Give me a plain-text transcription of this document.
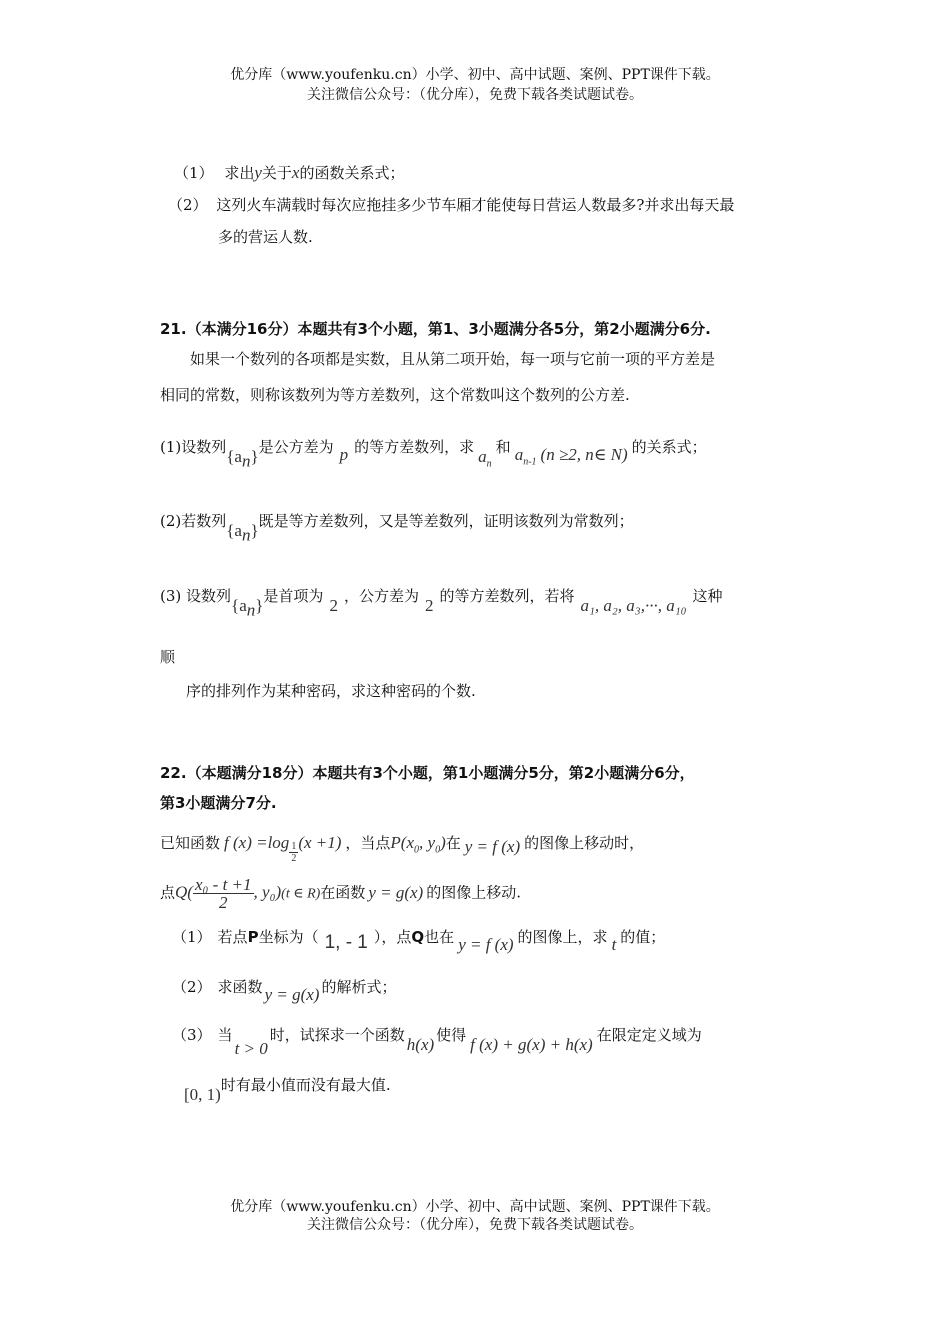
优分库（www.youfenku.cn）小学、初中、高中试题、案例、PPT课件下载。
关注微信公众号：（优分库），免费下载各类试题试卷。
（1） 求出y关于x的函数关系式；
（2） 这列火车满载时每次应拖挂多少节车厢才能使每日营运人数最多?并求出每天最
多的营运人数.
21.（本满分16分）本题共有3个小题，第1、3小题满分各5分，第2小题满分6分.
如果一个数列的各项都是实数，且从第二项开始，每一项与它前一项的平方差是
相同的常数，则称该数列为等方差数列，这个常数叫这个数列的公方差.
(1)设数列$\{a_n\}$是公方差为 p 的等方差数列，求 $a_n$和 $a_{n-1}$ (n ≥2, n∈ N) 的关系式；
(2)若数列$\{a_n\}$既是等方差数列，又是等差数列，证明该数列为常数列；
(3) 设数列$\{a_n\}$是首项为 2 ，公方差为 2 的等方差数列，若将 a₁, a₂, a₃,···, a₁₀ 这种
顺
序的排列作为某种密码，求这种密码的个数.
22.（本题满分18分）本题共有3个小题，第1小题满分5分，第2小题满分6分，
第3小题满分7分.
已知函数 f $(x) =\log \frac{1}{2} (x +1)$ ，当点$P(x_0$, $y_0$)在 y = f (x) 的图像上移动时，
点$Q( \frac{\text{x₀ - t +1}}{2}$ , y₀)(t ∈ R)在函数 y = g(x) 的图像上移动.
（1） 若点P坐标为（ 1, - 1 ），点Q也在 y = f (x) 的图像上，求 t 的值；
（2） 求函数 y = g(x) 的解析式；
（3） 当t > 0时，试探求一个函数 h(x) 使得 f (x) + g(x) + h(x) 在限定定义域为
[0, 1)时有最小值而没有最大值.
优分库（www.youfenku.cn）小学、初中、高中试题、案例、PPT课件下载。
关注微信公众号：（优分库），免费下载各类试题试卷。
